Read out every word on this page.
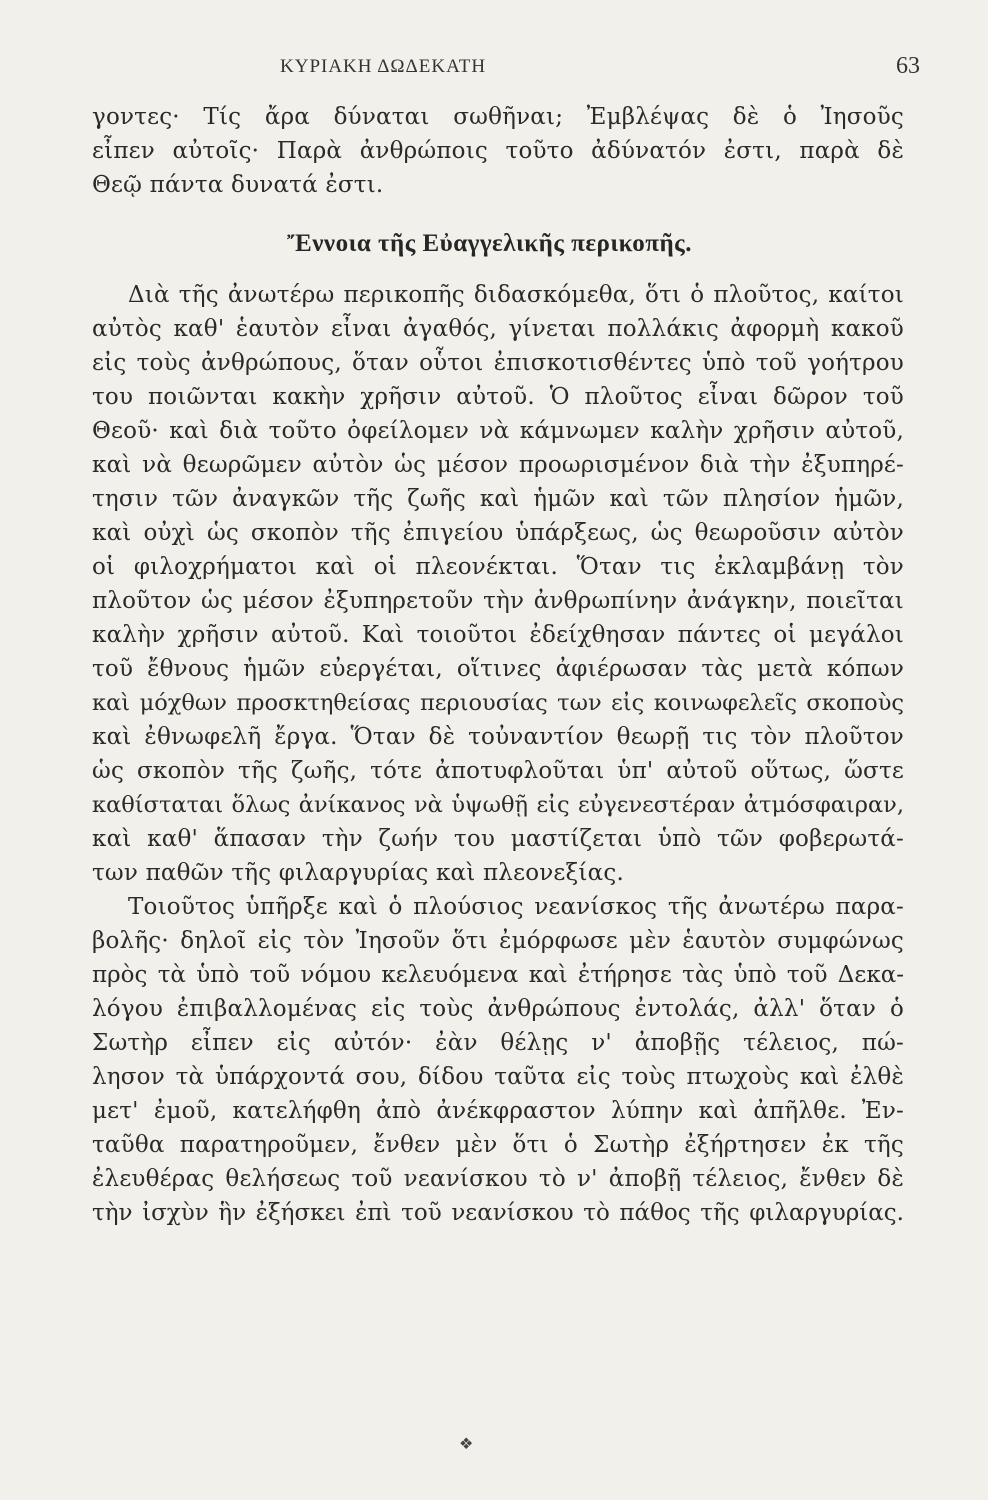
ΚΥΡΙΑΚΗ ΔΩΔΕΚΑΤΗ	63
γοντες· Τίς ἄρα δύναται σωθῆναι; Ἐμβλέψας δὲ ὁ Ἰησοῦς
εἶπεν αὐτοῖς· Παρὰ ἀνθρώποις τοῦτο ἀδύνατόν ἐστι, παρὰ δὲ
Θεῷ πάντα δυνατά ἐστι.
Ἔννοια τῆς Εὐαγγελικῆς περικοπῆς.
Διὰ τῆς ἀνωτέρω περικοπῆς διδασκόμεθα, ὅτι ὁ πλοῦτος, καίτοι
αὐτὸς καθ' ἑαυτὸν εἶναι ἀγαθός, γίνεται πολλάκις ἀφορμὴ κακοῦ
εἰς τοὺς ἀνθρώπους, ὅταν οὗτοι ἐπισκοτισθέντες ὑπὸ τοῦ γοήτρου
του ποιῶνται κακὴν χρῆσιν αὐτοῦ. Ὁ πλοῦτος εἶναι δῶρον τοῦ
Θεοῦ· καὶ διὰ τοῦτο ὀφείλομεν νὰ κάμνωμεν καλὴν χρῆσιν αὐτοῦ,
καὶ νὰ θεωρῶμεν αὐτὸν ὡς μέσον προωρισμένον διὰ τὴν ἐξυπηρέ-
τησιν τῶν ἀναγκῶν τῆς ζωῆς καὶ ἡμῶν καὶ τῶν πλησίον ἡμῶν,
καὶ οὐχὶ ὡς σκοπὸν τῆς ἐπιγείου ὑπάρξεως, ὡς θεωροῦσιν αὐτὸν
οἱ φιλοχρήματοι καὶ οἱ πλεονέκται. Ὅταν τις ἐκλαμβάνῃ τὸν
πλοῦτον ὡς μέσον ἐξυπηρετοῦν τὴν ἀνθρωπίνην ἀνάγκην, ποιεῖται
καλὴν χρῆσιν αὐτοῦ. Καὶ τοιοῦτοι ἐδείχθησαν πάντες οἱ μεγάλοι
τοῦ ἔθνους ἡμῶν εὐεργέται, οἵτινες ἀφιέρωσαν τὰς μετὰ κόπων
καὶ μόχθων προσκτηθείσας περιουσίας των εἰς κοινωφελεῖς σκοποὺς
καὶ ἐθνωφελῆ ἔργα. Ὅταν δὲ τοὐναντίον θεωρῇ τις τὸν πλοῦτον
ὡς σκοπὸν τῆς ζωῆς, τότε ἀποτυφλοῦται ὑπ' αὐτοῦ οὕτως, ὥστε
καθίσταται ὅλως ἀνίκανος νὰ ὑψωθῇ εἰς εὐγενεστέραν ἀτμόσφαιραν,
καὶ καθ' ἅπασαν τὴν ζωήν του μαστίζεται ὑπὸ τῶν φοβερωτά-
των παθῶν τῆς φιλαργυρίας καὶ πλεονεξίας.
Τοιοῦτος ὑπῆρξε καὶ ὁ πλούσιος νεανίσκος τῆς ἀνωτέρω παρα-
βολῆς· δηλοῖ εἰς τὸν Ἰησοῦν ὅτι ἐμόρφωσε μὲν ἑαυτὸν συμφώνως
πρὸς τὰ ὑπὸ τοῦ νόμου κελευόμενα καὶ ἐτήρησε τὰς ὑπὸ τοῦ Δεκα-
λόγου ἐπιβαλλομένας εἰς τοὺς ἀνθρώπους ἐντολάς, ἀλλ' ὅταν ὁ
Σωτὴρ εἶπεν εἰς αὐτόν· ἐὰν θέλῃς ν' ἀποβῇς τέλειος, πώ-
λησον τὰ ὑπάρχοντά σου, δίδου ταῦτα εἰς τοὺς πτωχοὺς καὶ ἐλθὲ
μετ' ἐμοῦ, κατελήφθη ἀπὸ ἀνέκφραστον λύπην καὶ ἀπῆλθε. Ἐν-
ταῦθα παρατηροῦμεν, ἔνθεν μὲν ὅτι ὁ Σωτὴρ ἐξήρτησεν ἐκ τῆς
ἐλευθέρας θελήσεως τοῦ νεανίσκου τὸ ν' ἀποβῇ τέλειος, ἔνθεν δὲ
τὴν ἰσχὺν ἣν ἐξήσκει ἐπὶ τοῦ νεανίσκου τὸ πάθος τῆς φιλαργυρίας.
❖
